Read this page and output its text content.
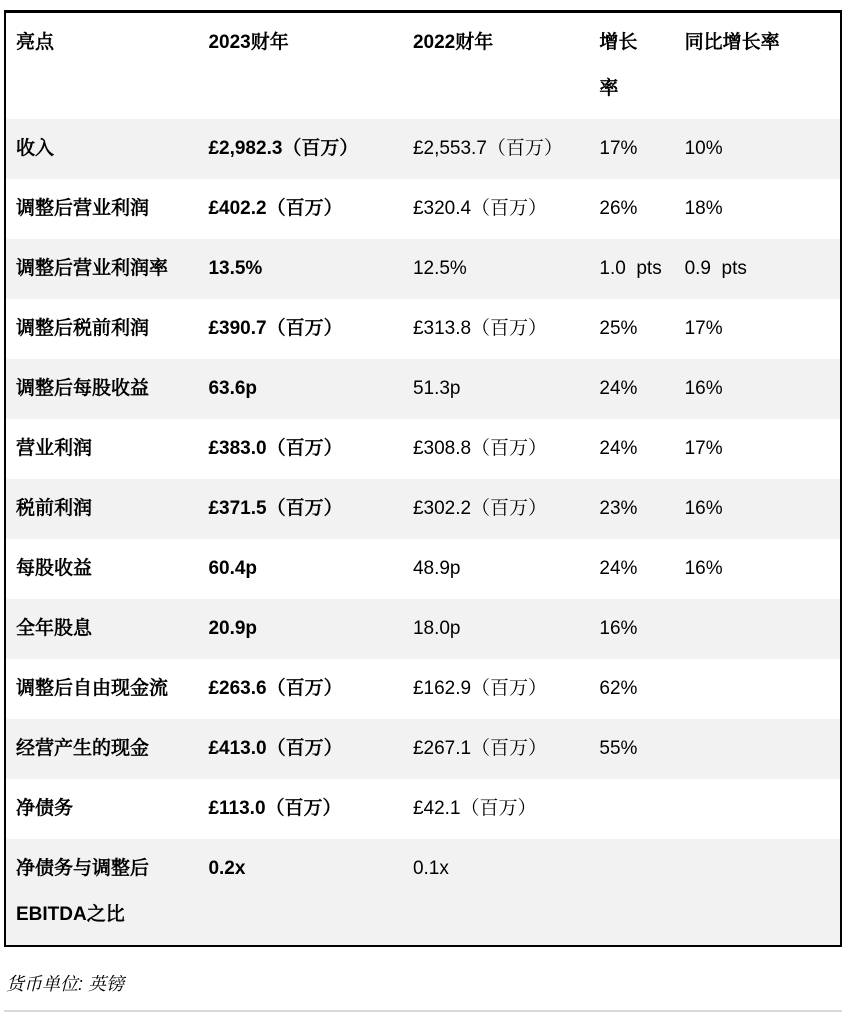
亮点	2023财年	2022财年	增长率	同比增长率
收入	£2,982.3（百万）	£2,553.7（百万）	17%	10%
调整后营业利润	£402.2（百万）	£320.4（百万）	26%	18%
调整后营业利润率	13.5%	12.5%	1.0  pts	0.9  pts
调整后税前利润	£390.7（百万）	£313.8（百万）	25%	17%
调整后每股收益	63.6p	51.3p	24%	16%
营业利润	£383.0（百万）	£308.8（百万）	24%	17%
税前利润	£371.5（百万）	£302.2（百万）	23%	16%
每股收益	60.4p	48.9p	24%	16%
全年股息	20.9p	18.0p	16%	
调整后自由现金流	£263.6（百万）	£162.9（百万）	62%	
经营产生的现金	£413.0（百万）	£267.1（百万）	55%	
净债务	£113.0（百万）	£42.1（百万）		
净债务与调整后EBITDA之比	0.2x	0.1x		

货币单位: 英镑
